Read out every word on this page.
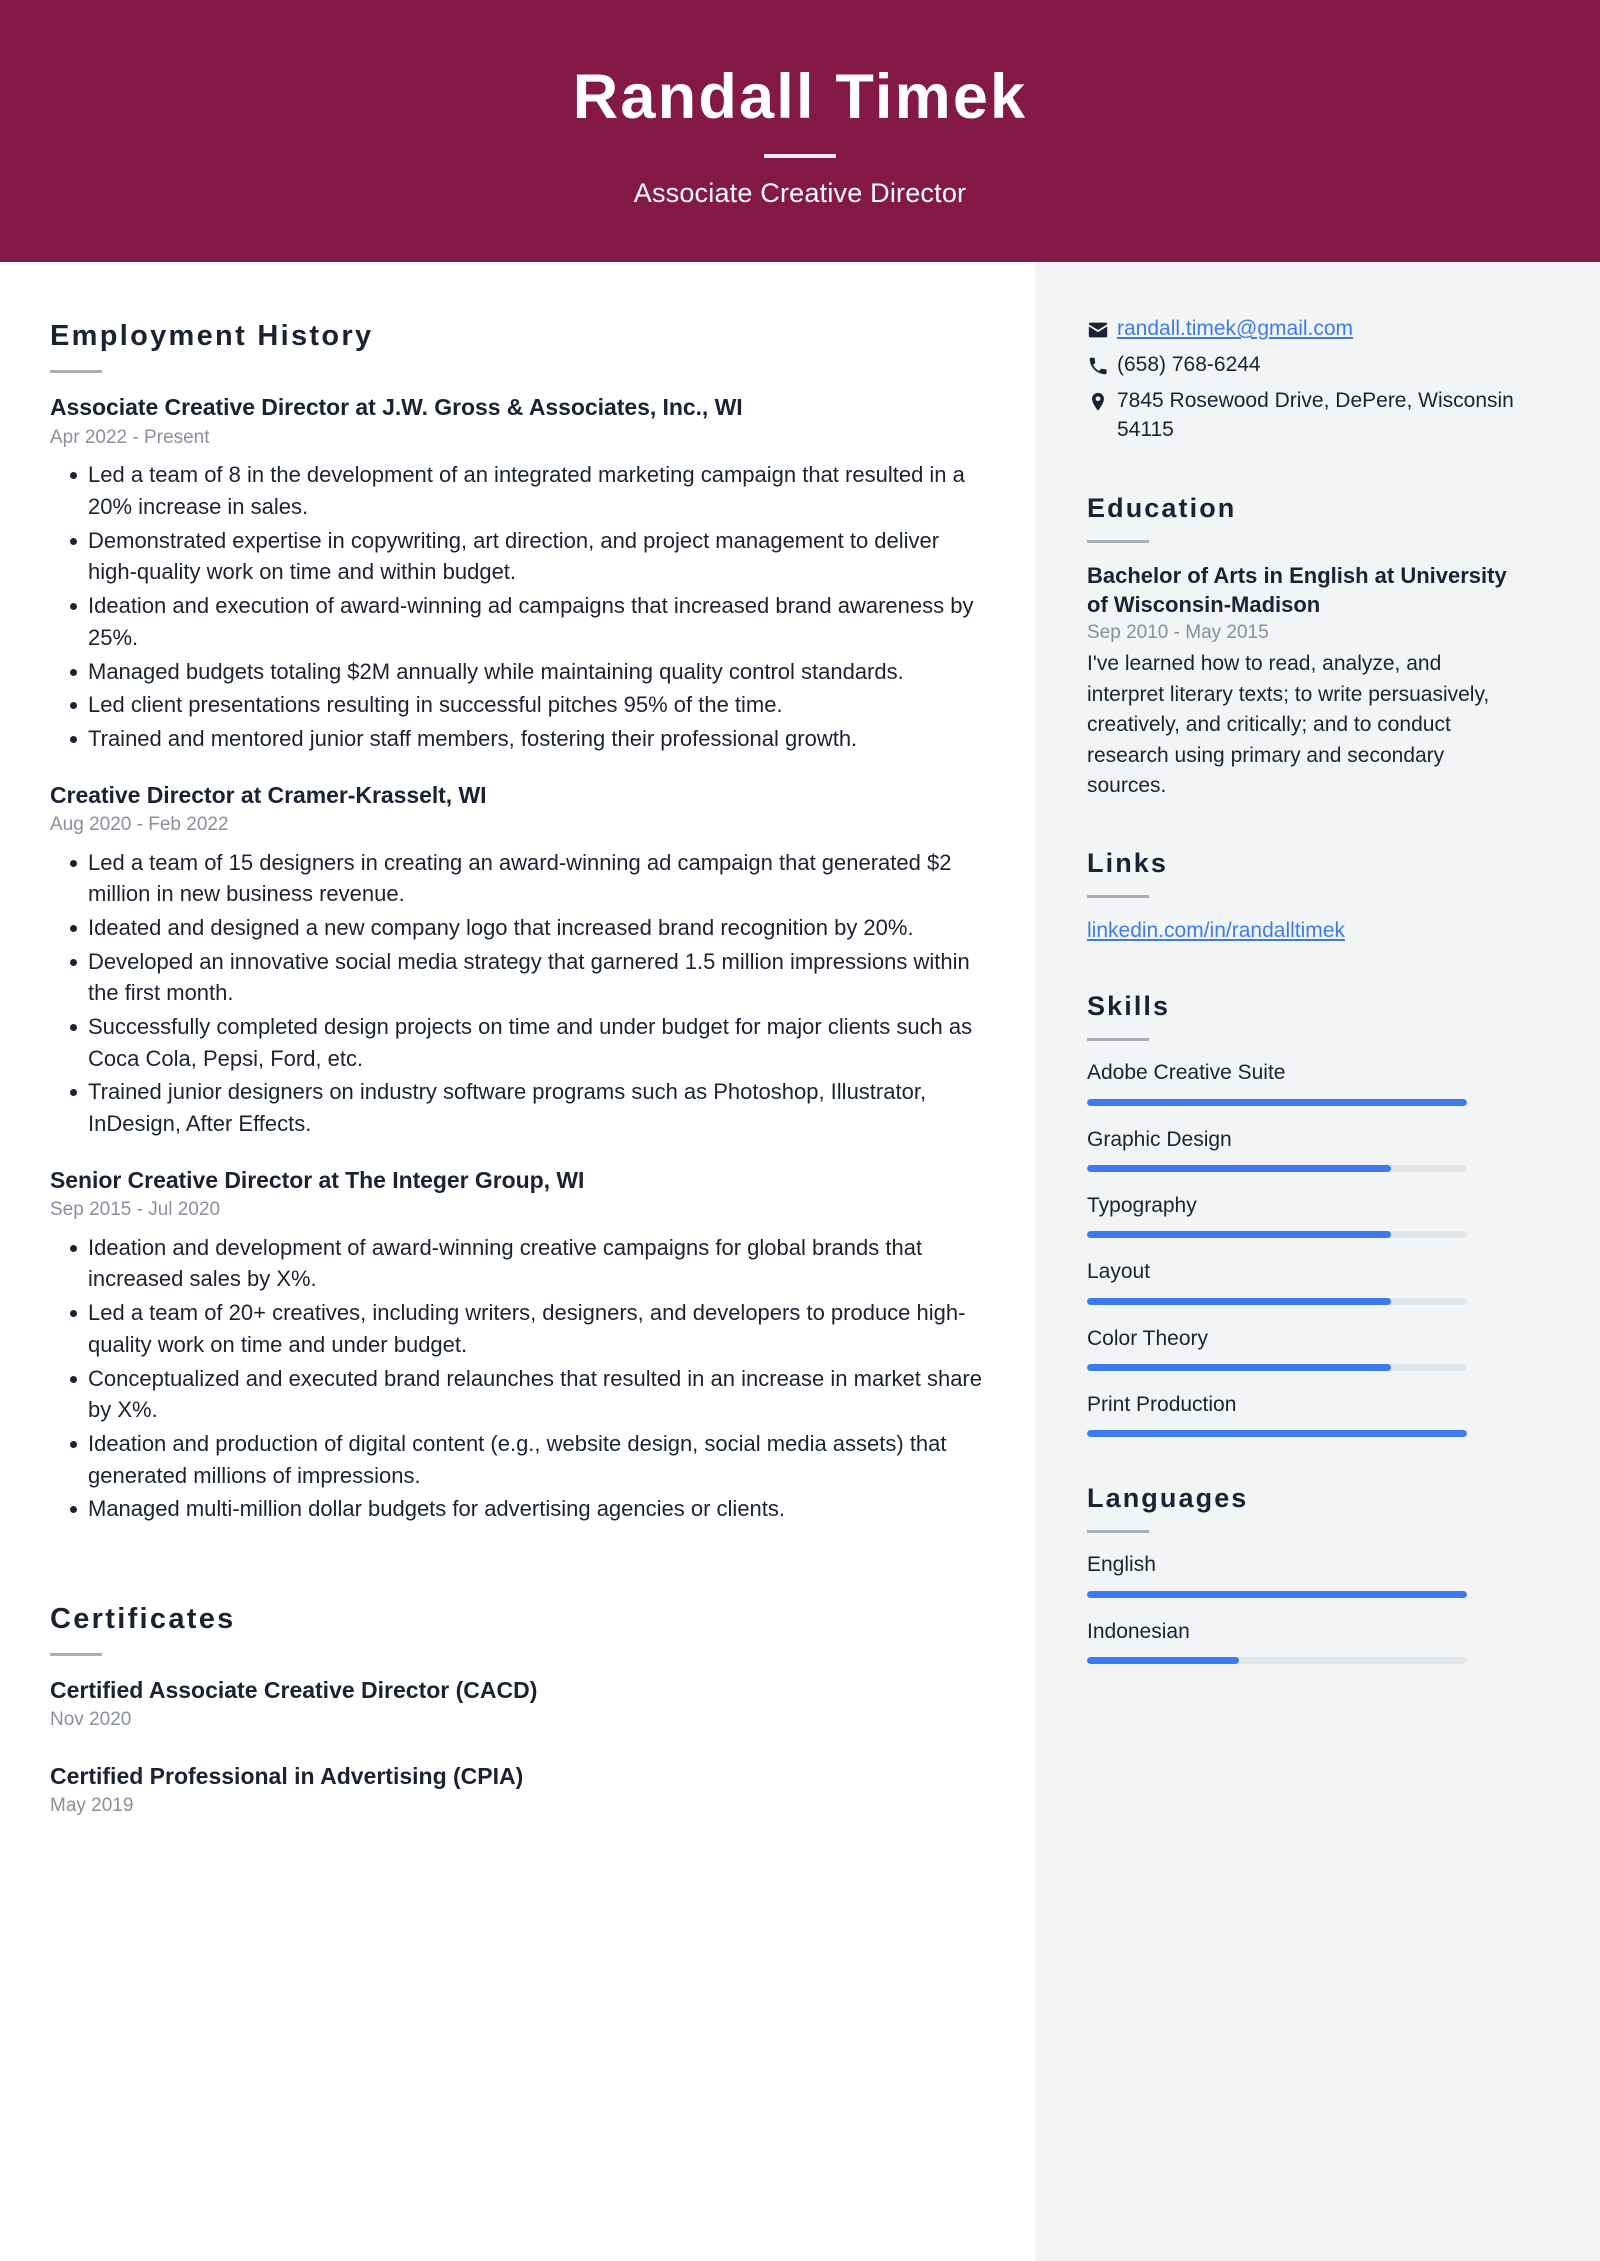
Randall Timek
Associate Creative Director
Employment History
Associate Creative Director at J.W. Gross & Associates, Inc., WI
Apr 2022 - Present
Led a team of 8 in the development of an integrated marketing campaign that resulted in a 20% increase in sales.
Demonstrated expertise in copywriting, art direction, and project management to deliver high-quality work on time and within budget.
Ideation and execution of award-winning ad campaigns that increased brand awareness by 25%.
Managed budgets totaling $2M annually while maintaining quality control standards.
Led client presentations resulting in successful pitches 95% of the time.
Trained and mentored junior staff members, fostering their professional growth.
Creative Director at Cramer-Krasselt, WI
Aug 2020 - Feb 2022
Led a team of 15 designers in creating an award-winning ad campaign that generated $2 million in new business revenue.
Ideated and designed a new company logo that increased brand recognition by 20%.
Developed an innovative social media strategy that garnered 1.5 million impressions within the first month.
Successfully completed design projects on time and under budget for major clients such as Coca Cola, Pepsi, Ford, etc.
Trained junior designers on industry software programs such as Photoshop, Illustrator, InDesign, After Effects.
Senior Creative Director at The Integer Group, WI
Sep 2015 - Jul 2020
Ideation and development of award-winning creative campaigns for global brands that increased sales by X%.
Led a team of 20+ creatives, including writers, designers, and developers to produce high-quality work on time and under budget.
Conceptualized and executed brand relaunches that resulted in an increase in market share by X%.
Ideation and production of digital content (e.g., website design, social media assets) that generated millions of impressions.
Managed multi-million dollar budgets for advertising agencies or clients.
Certificates
Certified Associate Creative Director (CACD)
Nov 2020
Certified Professional in Advertising (CPIA)
May 2019
randall.timek@gmail.com
(658) 768-6244
7845 Rosewood Drive, DePere, Wisconsin 54115
Education
Bachelor of Arts in English at University of Wisconsin-Madison
Sep 2010 - May 2015
I've learned how to read, analyze, and interpret literary texts; to write persuasively, creatively, and critically; and to conduct research using primary and secondary sources.
Links
linkedin.com/in/randalltimek
Skills
Adobe Creative Suite
Graphic Design
Typography
Layout
Color Theory
Print Production
Languages
English
Indonesian
